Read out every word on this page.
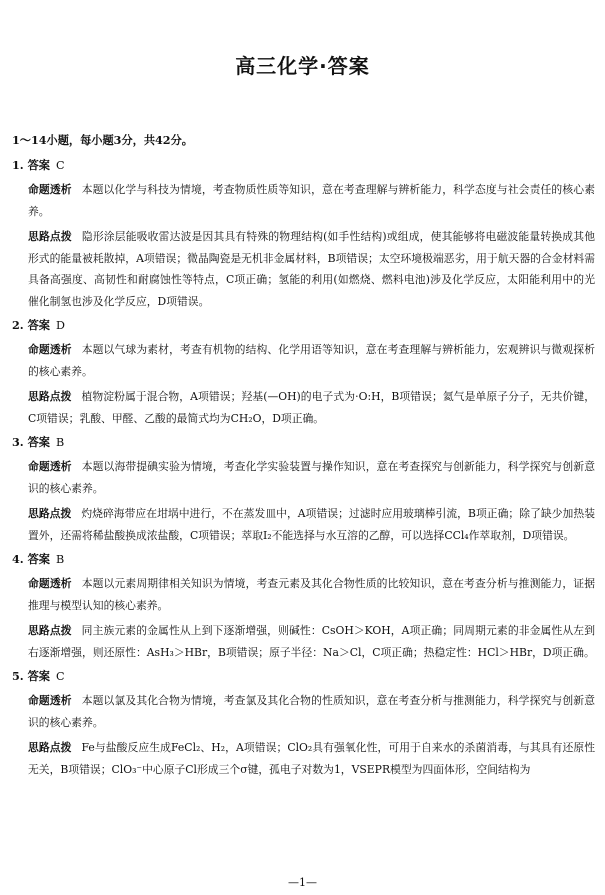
高三化学·答案
1～14小题，每小题3分，共42分。
1. 答案 C
命题透析 本题以化学与科技为情境，考查物质性质等知识，意在考查理解与辨析能力，科学态度与社会责任的核心素养。
思路点拨 隐形涂层能吸收雷达波是因其具有特殊的物理结构(如手性结构)或组成，使其能够将电磁波能量转换成其他形式的能量被耗散掉，A项错误；微晶陶瓷是无机非金属材料，B项错误；太空环境极端恶劣，用于航天器的合金材料需具备高强度、高韧性和耐腐蚀性等特点，C项正确；氢能的利用(如燃烧、燃料电池)涉及化学反应，太阳能利用中的光催化制氢也涉及化学反应，D项错误。
2. 答案 D
命题透析 本题以气球为素材，考查有机物的结构、化学用语等知识，意在考查理解与辨析能力，宏观辨识与微观探析的核心素养。
思路点拨 植物淀粉属于混合物，A项错误；羟基(—OH)的电子式为·O:H，B项错误；氦气是单原子分子，无共价键，C项错误；乳酸、甲醛、乙酸的最简式均为CH₂O，D项正确。
3. 答案 B
命题透析 本题以海带提碘实验为情境，考查化学实验装置与操作知识，意在考查探究与创新能力，科学探究与创新意识的核心素养。
思路点拨 灼烧碎海带应在坩埚中进行，不在蒸发皿中，A项错误；过滤时应用玻璃棒引流，B项正确；除了缺少加热装置外，还需将稀盐酸换成浓盐酸，C项错误；萃取I₂不能选择与水互溶的乙醇，可以选择CCl₄作萃取剂，D项错误。
4. 答案 B
命题透析 本题以元素周期律相关知识为情境，考查元素及其化合物性质的比较知识，意在考查分析与推测能力，证据推理与模型认知的核心素养。
思路点拨 同主族元素的金属性从上到下逐渐增强，则碱性：CsOH＞KOH，A项正确；同周期元素的非金属性从左到右逐渐增强，则还原性：AsH₃＞HBr，B项错误；原子半径：Na＞Cl，C项正确；热稳定性：HCl＞HBr，D项正确。
5. 答案 C
命题透析 本题以氯及其化合物为情境，考查氯及其化合物的性质知识，意在考查分析与推测能力，科学探究与创新意识的核心素养。
思路点拨 Fe与盐酸反应生成FeCl₂、H₂，A项错误；ClO₂具有强氧化性，可用于自来水的杀菌消毒，与其具有还原性无关，B项错误；ClO₃⁻中心原子Cl形成三个σ键，孤电子对数为1，VSEPR模型为四面体形，空间结构为
—1—
